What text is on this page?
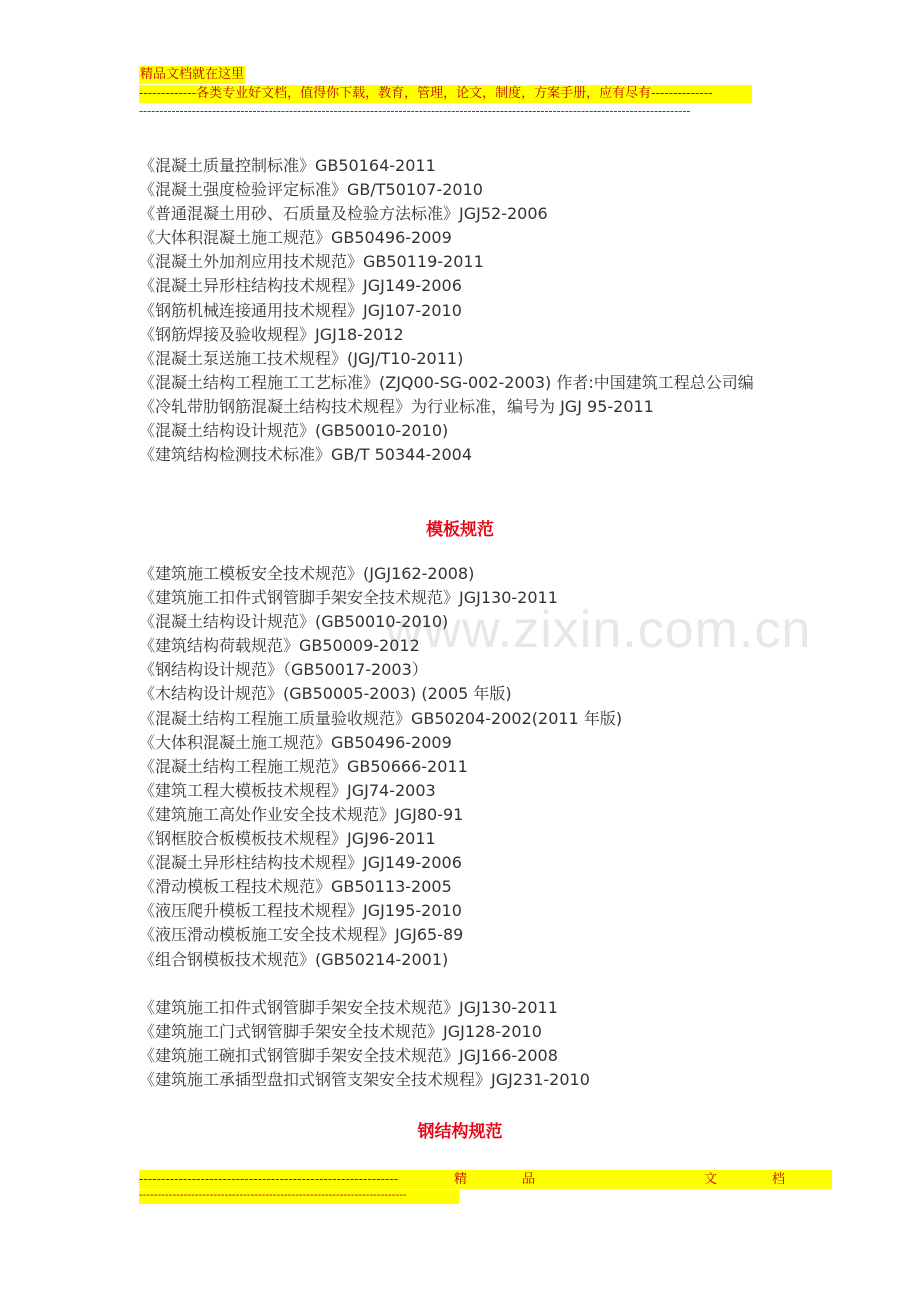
精品文档就在这里
-------------各类专业好文档，值得你下载，教育，管理，论文，制度，方案手册，应有尽有--------------
----------------------------------------------------------------------------------------------------------------------------------------
www.zixin.com.cn
《混凝土质量控制标准》GB50164-2011
《混凝土强度检验评定标准》GB/T50107-2010
《普通混凝土用砂、石质量及检验方法标准》JGJ52-2006
《大体积混凝土施工规范》GB50496-2009
《混凝土外加剂应用技术规范》GB50119-2011
《混凝土异形柱结构技术规程》JGJ149-2006
《钢筋机械连接通用技术规程》JGJ107-2010
《钢筋焊接及验收规程》JGJ18-2012
《混凝土泵送施工技术规程》(JGJ/T10-2011)
《混凝土结构工程施工工艺标准》(ZJQ00-SG-002-2003) 作者:中国建筑工程总公司编
《冷轧带肋钢筋混凝土结构技术规程》为行业标准，编号为 JGJ 95-2011
《混凝土结构设计规范》(GB50010-2010)
《建筑结构检测技术标准》GB/T 50344-2004
模板规范
《建筑施工模板安全技术规范》(JGJ162-2008)
《建筑施工扣件式钢管脚手架安全技术规范》JGJ130-2011
《混凝土结构设计规范》(GB50010-2010)
《建筑结构荷载规范》GB50009-2012
《钢结构设计规范》（GB50017-2003）
《木结构设计规范》(GB50005-2003) (2005 年版)
《混凝土结构工程施工质量验收规范》GB50204-2002(2011 年版)
《大体积混凝土施工规范》GB50496-2009
《混凝土结构工程施工规范》GB50666-2011
《建筑工程大模板技术规程》JGJ74-2003
《建筑施工高处作业安全技术规范》JGJ80-91
《钢框胶合板模板技术规程》JGJ96-2011
《混凝土异形柱结构技术规程》JGJ149-2006
《滑动模板工程技术规范》GB50113-2005
《液压爬升模板工程技术规程》JGJ195-2010
《液压滑动模板施工安全技术规程》JGJ65-89
《组合钢模板技术规范》(GB50214-2001)
《建筑施工扣件式钢管脚手架安全技术规范》JGJ130-2011
《建筑施工门式钢管脚手架安全技术规范》JGJ128-2010
《建筑施工碗扣式钢管脚手架安全技术规范》JGJ166-2008
《建筑施工承插型盘扣式钢管支架安全技术规程》JGJ231-2010
钢结构规范
-----------------------------------------------------------	精	品	文	档
------------------------------------------------------------------------
